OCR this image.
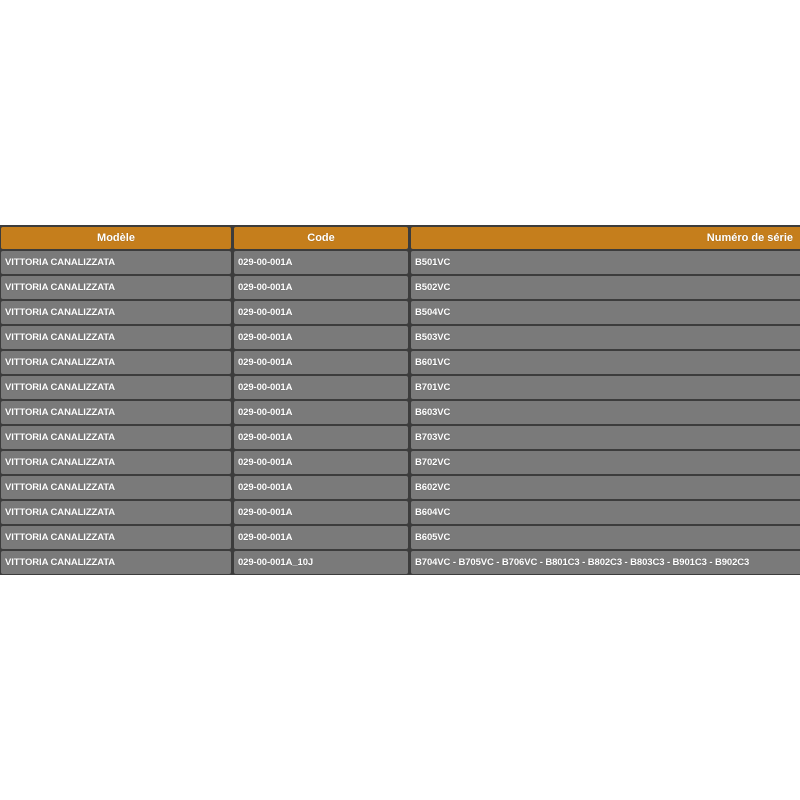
Modèle	Code	Numéro de série
VITTORIA CANALIZZATA	029-00-001A	B501VC
VITTORIA CANALIZZATA	029-00-001A	B502VC
VITTORIA CANALIZZATA	029-00-001A	B504VC
VITTORIA CANALIZZATA	029-00-001A	B503VC
VITTORIA CANALIZZATA	029-00-001A	B601VC
VITTORIA CANALIZZATA	029-00-001A	B701VC
VITTORIA CANALIZZATA	029-00-001A	B603VC
VITTORIA CANALIZZATA	029-00-001A	B703VC
VITTORIA CANALIZZATA	029-00-001A	B702VC
VITTORIA CANALIZZATA	029-00-001A	B602VC
VITTORIA CANALIZZATA	029-00-001A	B604VC
VITTORIA CANALIZZATA	029-00-001A	B605VC
VITTORIA CANALIZZATA	029-00-001A_10J	B704VC - B705VC - B706VC - B801C3 - B802C3 - B803C3 - B901C3 - B902C3
